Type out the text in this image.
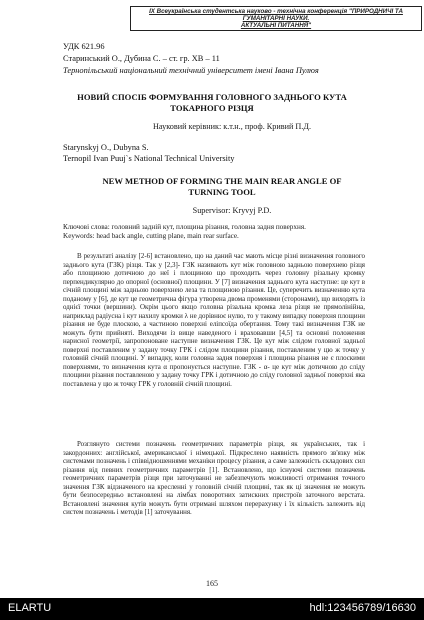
IX Всеукраїнська студентська науково - технічна конференція "ПРИРОДНИЧІ ТА ГУМАНІТАРНІ НАУКИ.
АКТУАЛЬНІ ПИТАННЯ"
УДК 621.96
Старинський О., Дубина С. – ст. гр. ХВ – 11
Тернопільський національний технічний університет імені Івана Пулюя
НОВИЙ СПОСІБ ФОРМУВАННЯ ГОЛОВНОГО ЗАДНЬОГО КУТА
ТОКАРНОГО РІЗЦЯ
Науковий керівник: к.т.н., проф. Кривий П.Д.
Starynskyj O., Dubyna S.
Ternopil Ivan Puuj`s National Technical University
NEW METHOD OF FORMING THE MAIN REAR ANGLE OF
TURNING TOOL
Supervisor: Kryvyj P.D.
Ключові слова: головний задній кут, площина різання, головна задня поверхня.
Keywords: head back angle, cutting plane, main rear surface.
В результаті аналізу [2-6] встановлено, що на даний час мають місце різні визначення головного заднього кута (ГЗК) різця. Так у [2,3]- ГЗК називають кут між головною задньою поверхнею різця або площиною дотичною до неї і площиною що проходить через головну різальну кромку перпендикулярно до опорної (основної) площини. У [7] визначення заднього кута наступне: це кут в січній площині між задньою поверхнею леза та площиною різання. Це, суперечить визначенню кута поданому у [6], де кут це геометрична фігура утворена двома променями (сторонами), що виходять із однієї точки (вершини). Окрім цього якщо головна різальна кромка леза різця не прямолінійна, наприклад радіусна і кут нахилу кромки λ не дорівнює нулю, то у такому випадку поверхня площини різання не буде плоскою, а частиною поверхні еліпсоїда обертання. Тому такі визначення ГЗК не можуть бути прийняті. Виходячи із вище наведеного і враховавши [4,5] та основні положення нарисної геометрії, запропоноване наступне визначення ГЗК. Це кут між слідом головної задньої поверхні поставленим у задану точку ГРК і слідом площини різання, поставленим у цю ж точку у головній січній площині. У випадку, коли головна задня поверхня і площина різання не є плоскими поверхнями, то визначення кута α пропонується наступне. ГЗК - α- це кут між дотичною до сліду площини різання поставленою у задану точку ГРК і дотичною до сліду головної задньої поверхні яка поставлена у цю ж точку ГРК у головній січній площині.
Розглянуто системи позначень геометричних параметрів різця, як українських, так і закордонних: англійської, американської і німецької. Підкреслено наявність прямого зв'язку між системами позначень і співвідношеннями механіки процесу різання, а саме залежність складових сил різання від певних геометричних параметрів [1]. Встановлено, що існуючі системи позначень геометричних параметрів різця при заточуванні не забезпечують можливості отримання точного значення ГЗК відзначеного на кресленні у головній січній площині, так як ці значення не можуть бути безпосередньо встановлені на лімбах поворотних затискних пристроїв заточного верстата. Встановлені значення кутів можуть бути отримані шляхом перерахунку і їх кількість залежить від систем позначень і методів [1] заточування.
165
ELARTU	hdl:123456789/16630
